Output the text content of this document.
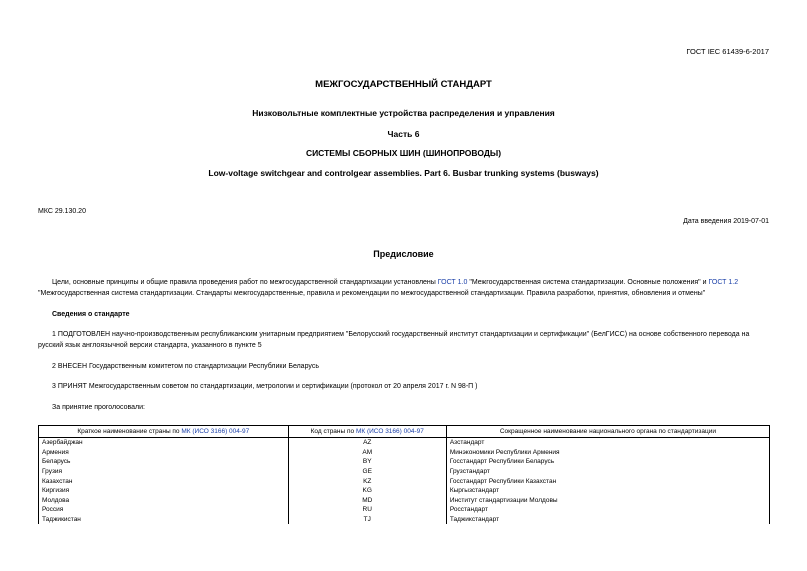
ГОСТ IEC 61439-6-2017
МЕЖГОСУДАРСТВЕННЫЙ СТАНДАРТ
Низковольтные комплектные устройства распределения и управления
Часть 6
СИСТЕМЫ СБОРНЫХ ШИН (ШИНОПРОВОДЫ)
Low-voltage switchgear and controlgear assemblies. Part 6. Busbar trunking systems (busways)
МКС 29.130.20
Дата введения 2019-07-01
Предисловие
Цели, основные принципы и общие правила проведения работ по межгосударственной стандартизации установлены ГОСТ 1.0 "Межгосударственная система стандартизации. Основные положения" и ГОСТ 1.2 "Межгосударственная система стандартизации. Стандарты межгосударственные, правила и рекомендации по межгосударственной стандартизации. Правила разработки, принятия, обновления и отмены"
Сведения о стандарте
1 ПОДГОТОВЛЕН научно-производственным республиканским унитарным предприятием "Белорусский государственный институт стандартизации и сертификации" (БелГИСС) на основе собственного перевода на русский язык англоязычной версии стандарта, указанного в пункте 5
2 ВНЕСЕН Государственным комитетом по стандартизации Республики Беларусь
3 ПРИНЯТ Межгосударственным советом по стандартизации, метрологии и сертификации (протокол от 20 апреля 2017 г. N 98-П )
За принятие проголосовали:
Краткое наименование страны по МК (ИСО 3166) 004-97	Код страны по МК (ИСО 3166) 004-97	Сокращенное наименование национального органа по стандартизации
Азербайджан	AZ	Азстандарт
Армения	AM	Минэкономики Республики Армения
Беларусь	BY	Госстандарт Республики Беларусь
Грузия	GE	Грузстандарт
Казахстан	KZ	Госстандарт Республики Казахстан
Киргизия	KG	Кыргызстандарт
Молдова	MD	Институт стандартизации Молдовы
Россия	RU	Росстандарт
Таджикистан	TJ	Таджикстандарт
